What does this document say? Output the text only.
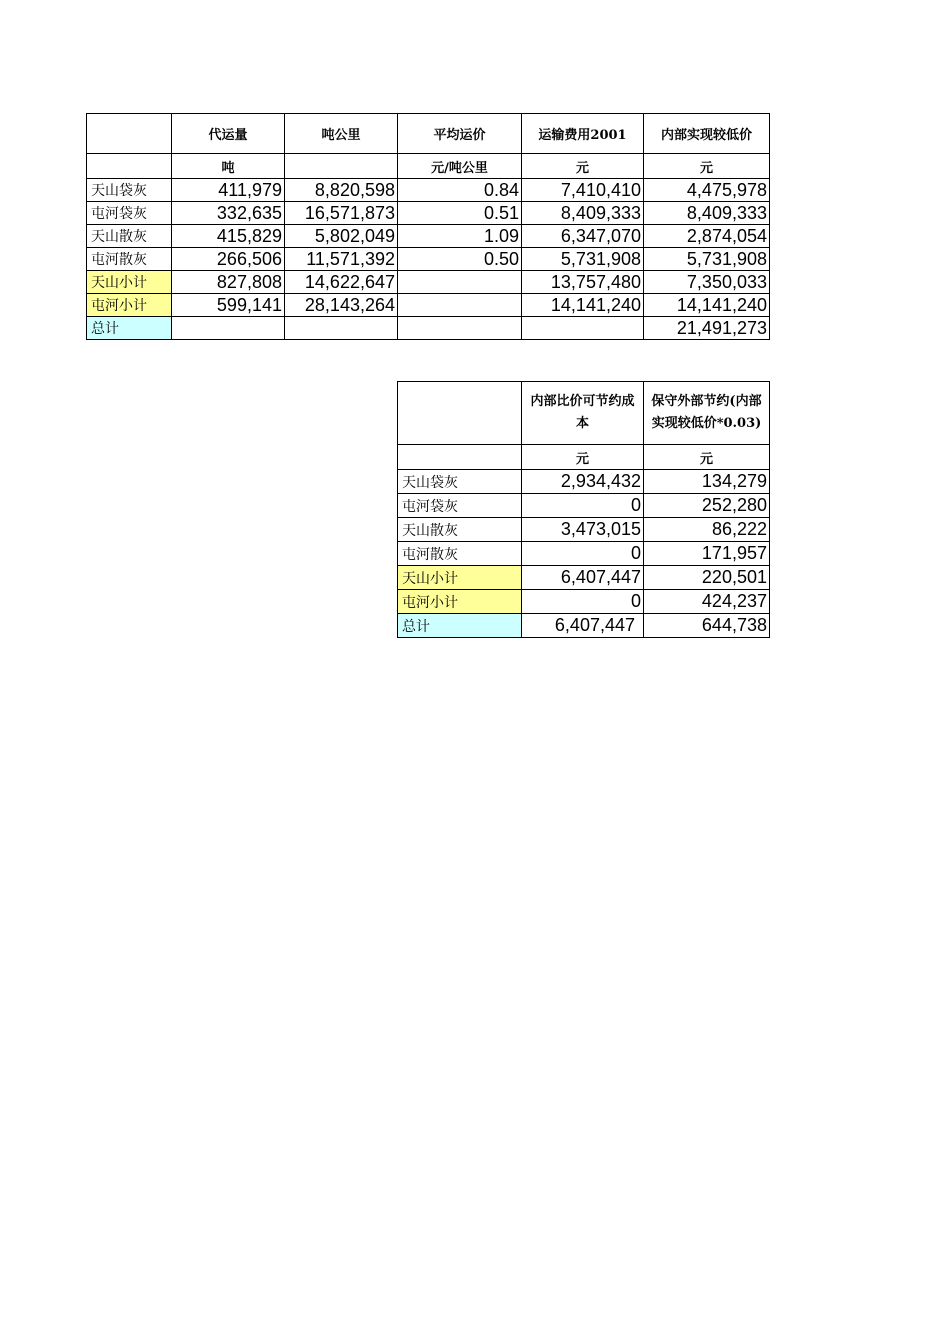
	代运量	吨公里	平均运价	运输费用2001	内部实现较低价
	吨		元/吨公里	元	元
天山袋灰	411,979	8,820,598	0.84	7,410,410	4,475,978
屯河袋灰	332,635	16,571,873	0.51	8,409,333	8,409,333
天山散灰	415,829	5,802,049	1.09	6,347,070	2,874,054
屯河散灰	266,506	11,571,392	0.50	5,731,908	5,731,908
天山小计	827,808	14,622,647		13,757,480	7,350,033
屯河小计	599,141	28,143,264		14,141,240	14,141,240
总计					21,491,273
	内部比价可节约成本	保守外部节约(内部实现较低价*0.03)
	元	元
天山袋灰	2,934,432	134,279
屯河袋灰	0	252,280
天山散灰	3,473,015	86,222
屯河散灰	0	171,957
天山小计	6,407,447	220,501
屯河小计	0	424,237
总计	6,407,447	644,738
